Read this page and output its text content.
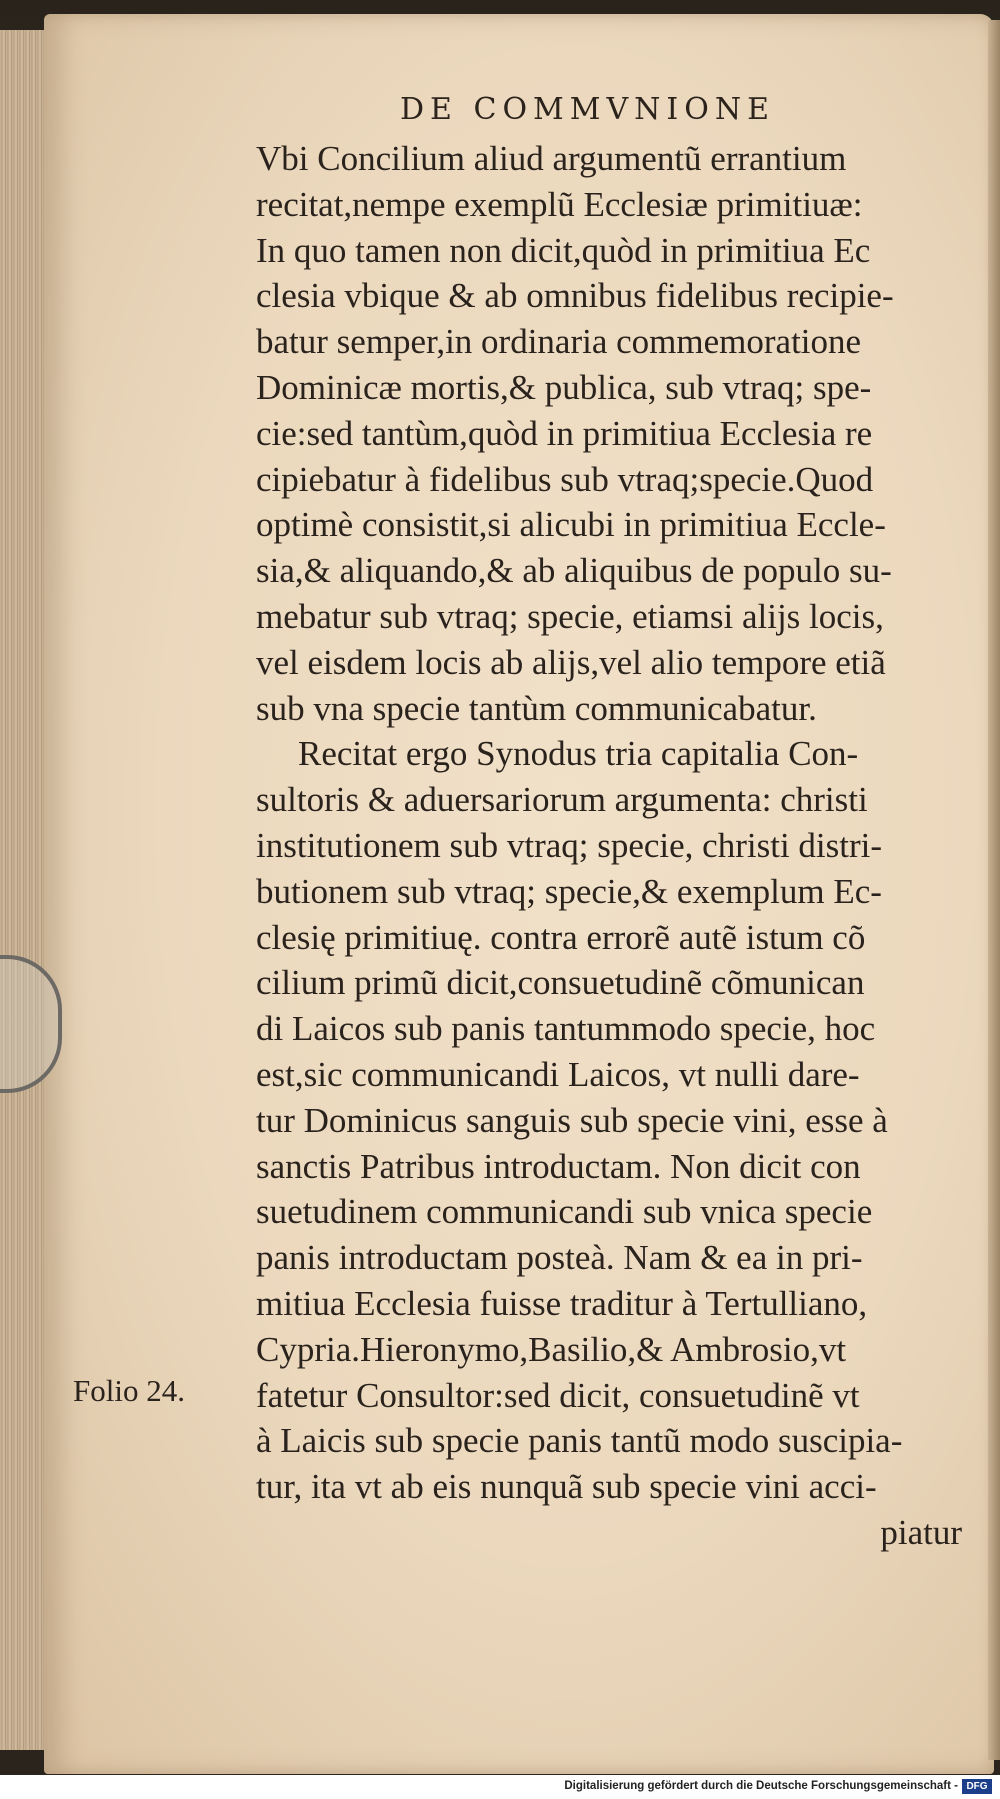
DE COMMVNIONE
Vbi Concilium aliud argumentũ errantium
recitat,nempe exemplũ Ecclesiæ primitiuæ:
In quo tamen non dicit,quòd in primitiua Ec
clesia vbique & ab omnibus fidelibus recipie-
batur semper,in ordinaria commemoratione
Dominicæ mortis,& publica, sub vtraq; spe-
cie:sed tantùm,quòd in primitiua Ecclesia re
cipiebatur à fidelibus sub vtraq;specie.Quod
optimè consistit,si alicubi in primitiua Eccle-
sia,& aliquando,& ab aliquibus de populo su-
mebatur sub vtraq; specie, etiamsi alijs locis,
vel eisdem locis ab alijs,vel alio tempore etiã
sub vna specie tantùm communicabatur.
Recitat ergo Synodus tria capitalia Con-
sultoris & aduersariorum argumenta: christi
institutionem sub vtraq; specie, christi distri-
butionem sub vtraq; specie,& exemplum Ec-
clesię primitiuę. contra errorẽ autẽ istum cõ
cilium primũ dicit,consuetudinẽ cõmunican
di Laicos sub panis tantummodo specie, hoc
est,sic communicandi Laicos, vt nulli dare-
tur Dominicus sanguis sub specie vini, esse à
sanctis Patribus introductam. Non dicit con
suetudinem communicandi sub vnica specie
panis introductam posteà. Nam & ea in pri-
mitiua Ecclesia fuisse traditur à Tertulliano,
Cypria.Hieronymo,Basilio,& Ambrosio,vt
fatetur Consultor:sed dicit, consuetudinẽ vt
à Laicis sub specie panis tantũ modo suscipia-
tur, ita vt ab eis nunquã sub specie vini acci-
piatur
Folio 24.
Digitalisierung gefördert durch die Deutsche Forschungsgemeinschaft - DFG
